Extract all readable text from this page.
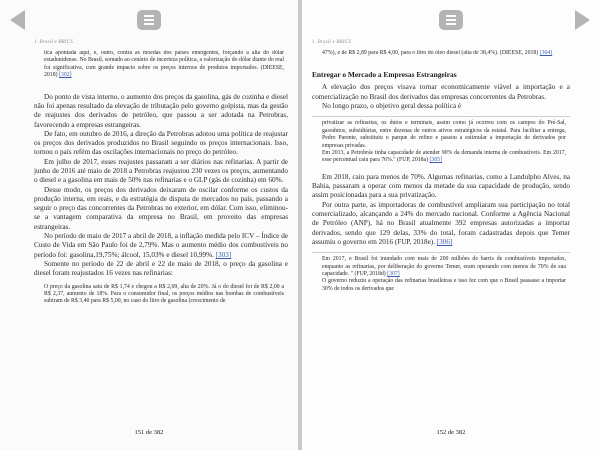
1. Brasil e BRICS

tica apontada aqui, e, outro, contra as moedas dos países emergentes, forçando a alta do dólar estadunidense. No Brasil, somado ao cenário de incerteza política, a valorização do dólar diante do real foi significativa, com grande impacto sobre os preços internos de produtos importados. (DIEESE, 2018) [302]

Do ponto de vista interno, o aumento dos preços da gasolina, gás de cozinha e diesel não foi apenas resultado da elevação de tributação pelo governo golpista, mas da gestão de reajustes dos derivados de petróleo, que passou a ser adotada na Petrobras, favorecendo a empresas estrangeiras.

De fato, em outubro de 2016, a direção da Petrobras adotou uma política de reajustar os preços dos derivados produzidos no Brasil seguindo os preços internacionais. Isso, tornou o país refém das oscilações internacionais no preço do petróleo.

Em julho de 2017, esses reajustes passaram a ser diários nas refinarias. A partir de junho de 2016 até maio de 2018 a Petrobras reajustou 230 vezes os preços, aumentando o diesel e a gasolina em mais de 50% nas refinarias e o GLP (gás de cozinha) em 60%.

Desse modo, os preços dos derivados deixaram de oscilar conforme os custos da produção interna, em reais, e da estratégia de disputa de mercados no país, passando a seguir o preço das concorrentes da Petrobras no exterior, em dólar. Com isso, eliminou-se a vantagem comparativa da empresa no Brasil, em proveito das empresas estrangeiras.

No período de maio de 2017 a abril de 2018, a inflação medida pelo ICV – Índice de Custo de Vida em São Paulo foi de 2,79%. Mas o aumento médio dos combustíveis no período foi: gasolina,19,75%; álcool, 15,03% e diesel 10,99%. [303]

Somente no período de 22 de abril e 22 de maio de 2018, o preço da gasolina e diesel foram reajustados 16 vezes nas refinarias:

O preço da gasolina saiu de R$ 1,74 e chegou a R$ 2,09, alta de 20%. Já o do diesel foi de R$ 2,00 a R$ 2,37, aumento de 18%. Para o consumidor final, os preços médios nas bombas de combustíveis subiram de R$ 3,40 para R$ 5,00, no caso do litro de gasolina (crescimento de

151 de 382
1. Brasil e BRICS

47%), e de R$ 2,89 para R$ 4,00, para o litro do óleo diesel (alta de 38,4%). (DIEESE, 2018) [304]

Entregar o Mercado a Empresas Estrangeiras

A elevação dos preços visava tornar economicamente viável a importação e a comercialização no Brasil dos derivados das empresas concorrentes da Petrobras.

No longo prazo, o objetivo geral dessa política é

privatizar as refinarias, os dutos e terminais, assim como já ocorreu com os campos do Pré-Sal, gasodutos, subsidiárias, entre dezenas de outros ativos estratégicos da estatal. Para facilitar a entrega, Pedro Parente, substituiu o parque de refino e passou a estimular a importação de derivados por empresas privadas.

Em 2013, a Petrobrás tinha capacidade de atender 90% da demanda interna de combustíveis. Em 2017, esse percentual caiu para 76%." (FUP, 2018a) [305]

Em 2018, caiu para menos de 70%. Algumas refinarias, como a Landulpho Alves, na Bahia, passaram a operar com menos da metade da sua capacidade de produção, sendo assim posicionadas para a sua privatização.

Por outra parte, as importadoras de combustível ampliaram sua participação no total comercializado, alcançando a 24% do mercado nacional. Conforme a Agência Nacional de Petróleo (ANP), há no Brasil atualmente 392 empresas autorizadas a importar derivados, sendo que 129 delas, 33% do total, foram cadastradas depois que Temer assumiu o governo em 2016 (FUP, 2018e). [306]

Em 2017, o Brasil foi inundado com mais de 200 milhões de barris de combustíveis importados, enquanto as refinarias, por deliberação do governo Temer, eram operando com menos de 70% de sua capacidade. " (FUP, 2018d) [307]

O governo reduziu a operação das refinarias brasileiras e isso fez com que o Brasil passasse a importar 30% de todos os derivados que

152 de 382
